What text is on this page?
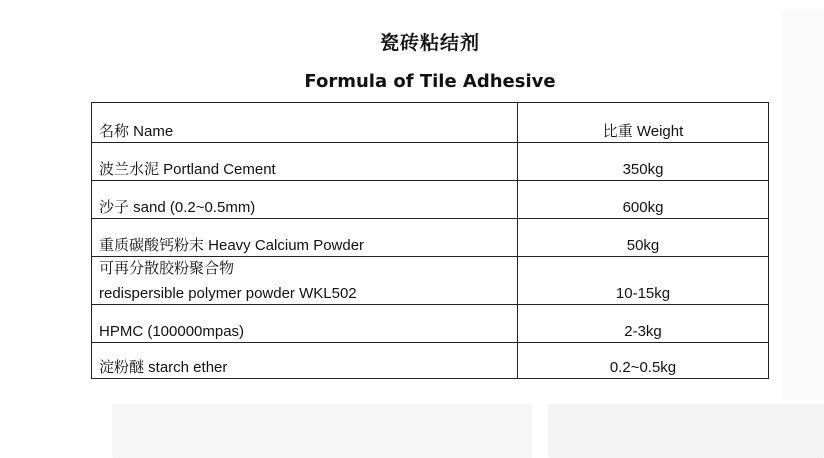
瓷砖粘结剂
Formula of Tile Adhesive
名称 Name	比重 Weight
波兰水泥 Portland Cement	350kg
沙子 sand (0.2~0.5mm)	600kg
重质碳酸钙粉末 Heavy Calcium Powder	50kg

可再分散胶粉聚合物
redispersible polymer powder WKL502	10-15kg
HPMC (100000mpas)	2-3kg
淀粉醚 starch ether	0.2~0.5kg
